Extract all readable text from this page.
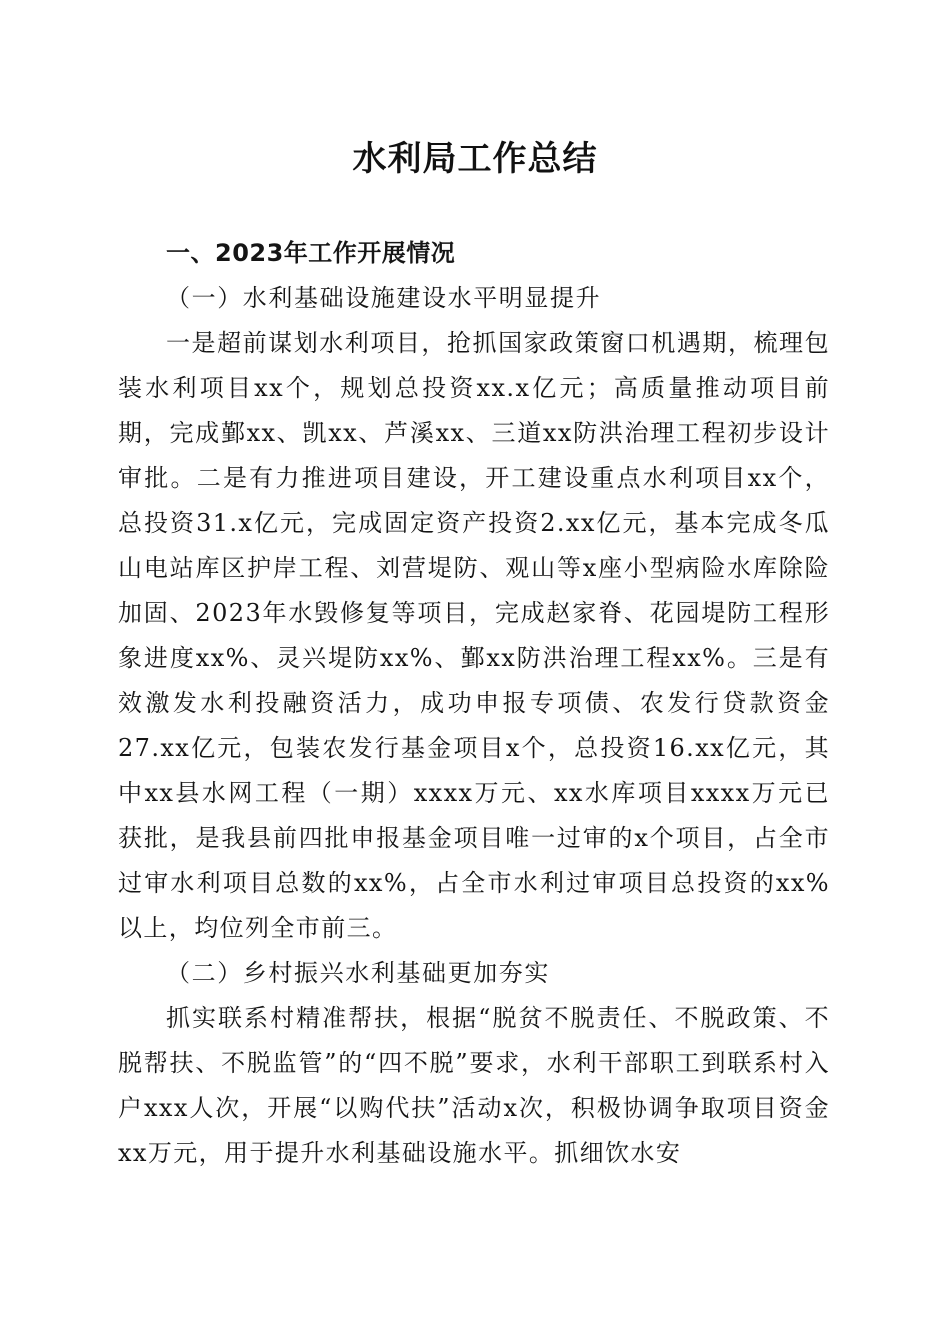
水利局工作总结

一、2023年工作开展情况

（一）水利基础设施建设水平明显提升

一是超前谋划水利项目，抢抓国家政策窗口机遇期，梳理包装水利项目xx个，规划总投资xx.x亿元；高质量推动项目前期，完成鄞xx、凯xx、芦溪xx、三道xx防洪治理工程初步设计审批。二是有力推进项目建设，开工建设重点水利项目xx个，总投资31.x亿元，完成固定资产投资2.xx亿元，基本完成冬瓜山电站库区护岸工程、刘营堤防、观山等x座小型病险水库除险加固、2023年水毁修复等项目，完成赵家脊、花园堤防工程形象进度xx%、灵兴堤防xx%、鄞xx防洪治理工程xx%。三是有效激发水利投融资活力，成功申报专项债、农发行贷款资金27.xx亿元，包装农发行基金项目x个，总投资16.xx亿元，其中xx县水网工程（一期）xxxx万元、xx水库项目xxxx万元已获批，是我县前四批申报基金项目唯一过审的x个项目，占全市过审水利项目总数的xx%，占全市水利过审项目总投资的xx%以上，均位列全市前三。

（二）乡村振兴水利基础更加夯实

抓实联系村精准帮扶，根据“脱贫不脱责任、不脱政策、不脱帮扶、不脱监管”的“四不脱”要求，水利干部职工到联系村入户xxx人次，开展“以购代扶”活动x次，积极协调争取项目资金xx万元，用于提升水利基础设施水平。抓细饮水安
